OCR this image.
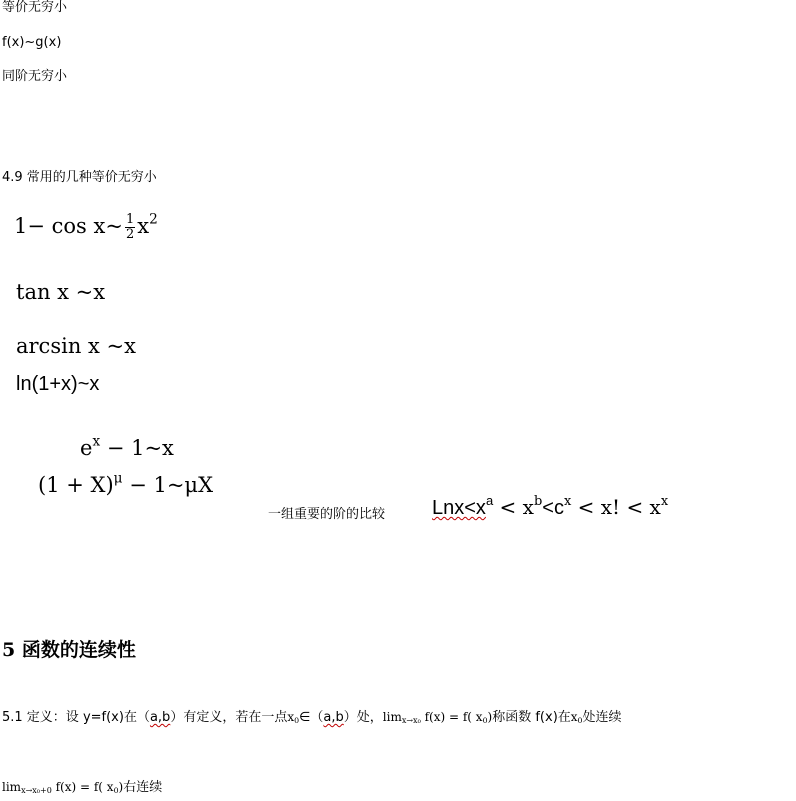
等价无穷小
f(x)~g(x)
同阶无穷小
4.9 常用的几种等价无穷小
1− cos x~ $\frac{1}{2} x^2$
tan x ~x
arcsin x ~x
ln(1+x)~x
$e^x$ − 1~x
$(1 + X)^\mu$ − 1~μX
一组重要的阶的比较 $Lnx<x^a < x^b<c^x < x$! < $x^x$
5 函数的连续性
5.1 定义：设 y=f(x)在（a,b）有定义，若在一点$x_0\in(a,b)$处，$\lim_{x\to x_0} f(x) = f$( $x_0$)称函数 f(x)在$x_0$处连续
$\lim_{x\to x_0+0} f(x) = f$( $x_0$)右连续
